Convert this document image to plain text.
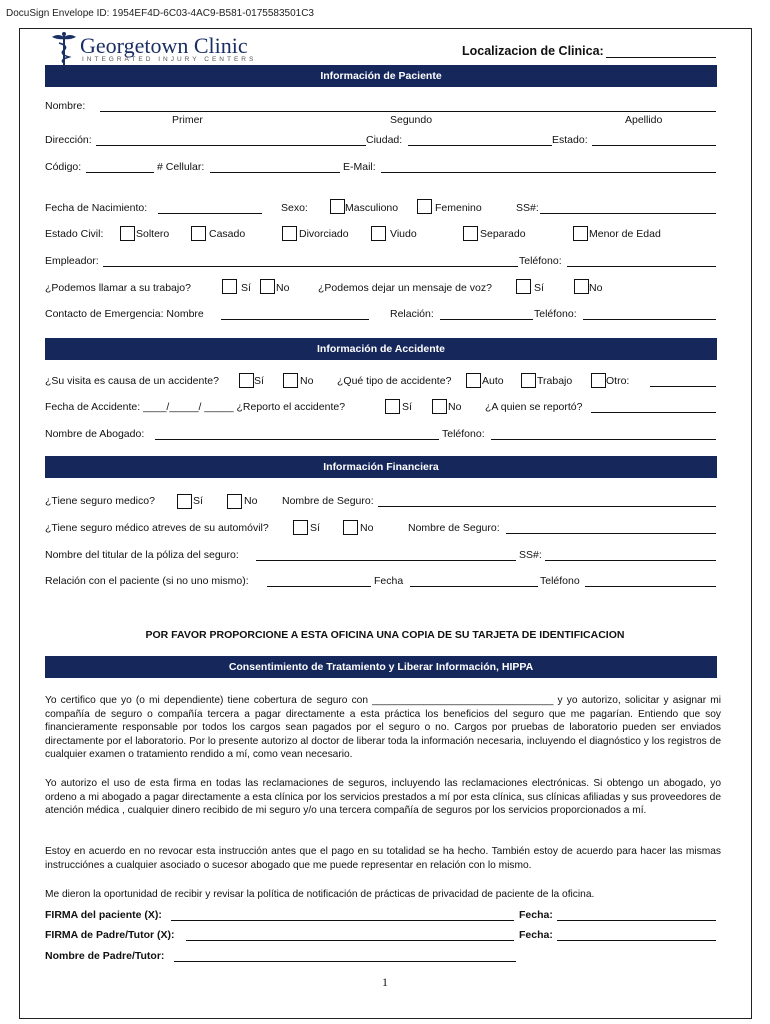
DocuSign Envelope ID: 1954EF4D-6C03-4AC9-B581-0175583501C3
Georgetown Clinic
INTEGRATED INJURY CENTERS
Localizacion de Clinica:
Información de Paciente
Nombre:
Primer	Segundo	Apellido
Dirección:	Ciudad:	Estado:
Código:	# Cellular:	E-Mail:
Fecha de Nacimiento:	Sexo:	Masculiono	Femenino	SS#:
Estado Civil:	Soltero	Casado	Divorciado	Viudo	Separado	Menor de Edad
Empleador:	Teléfono:
¿Podemos llamar a su trabajo?	Sí No	¿Podemos dejar un mensaje de voz?	Sí	No
Contacto de Emergencia: Nombre	Relación:	Teléfono:
Información de Accidente
¿Su visita es causa de un accidente?	Sí	No ¿Qué tipo de accidente?	Auto	Trabajo	Otro:
Fecha de Accidente: ____/_____/ _____ ¿Reporto el accidente?	Sí	No ¿A quien se reportó?
Nombre de Abogado:	Teléfono:
Información Financiera
¿Tiene seguro medico?	Sí	No Nombre de Seguro:
¿Tiene seguro médico atreves de su automóvil?	Sí	No	Nombre de Seguro:
Nombre del titular de la póliza del seguro:	SS#:
Relación con el paciente (si no uno mismo):	Fecha	Teléfono
POR FAVOR PROPORCIONE A ESTA OFICINA UNA COPIA DE SU TARJETA DE IDENTIFICACION
Consentimiento de Tratamiento y Liberar Información, HIPPA
Yo certifico que yo (o mi dependiente) tiene cobertura de seguro con ________________________________ y yo autorizo, solicitar y asignar mi compañía de seguro o compañía tercera a pagar directamente a esta práctica los beneficios del seguro que me pagarían. Entiendo que soy financieramente responsable por todos los cargos sean pagados por el seguro o no. Cargos por pruebas de laboratorio pueden ser enviados directamente por el laboratorio. Por lo presente autorizo al doctor de liberar toda la información necesaria, incluyendo el diagnóstico y los registros de cualquier examen o tratamiento rendido a mí, como vean necesario.
Yo autorizo el uso de esta firma en todas las reclamaciones de seguros, incluyendo las reclamaciones electrónicas. Si obtengo un abogado, yo ordeno a mi abogado a pagar directamente a esta clínica por los servicios prestados a mí por esta clínica, sus clínicas afiliadas y sus proveedores de atención médica , cualquier dinero recibido de mi seguro y/o una tercera compañía de seguros por los servicios proporcionados a mí.
Estoy en acuerdo en no revocar esta instrucción antes que el pago en su totalidad se ha hecho. También estoy de acuerdo para hacer las mismas instrucciónes a cualquier asociado o sucesor abogado que me puede representar en relación con lo mismo.
Me dieron la oportunidad de recibir y revisar la política de notificación de prácticas de privacidad de paciente de la oficina.
FIRMA del paciente (X):	Fecha:
FIRMA de Padre/Tutor (X):	Fecha:
Nombre de Padre/Tutor:
1
